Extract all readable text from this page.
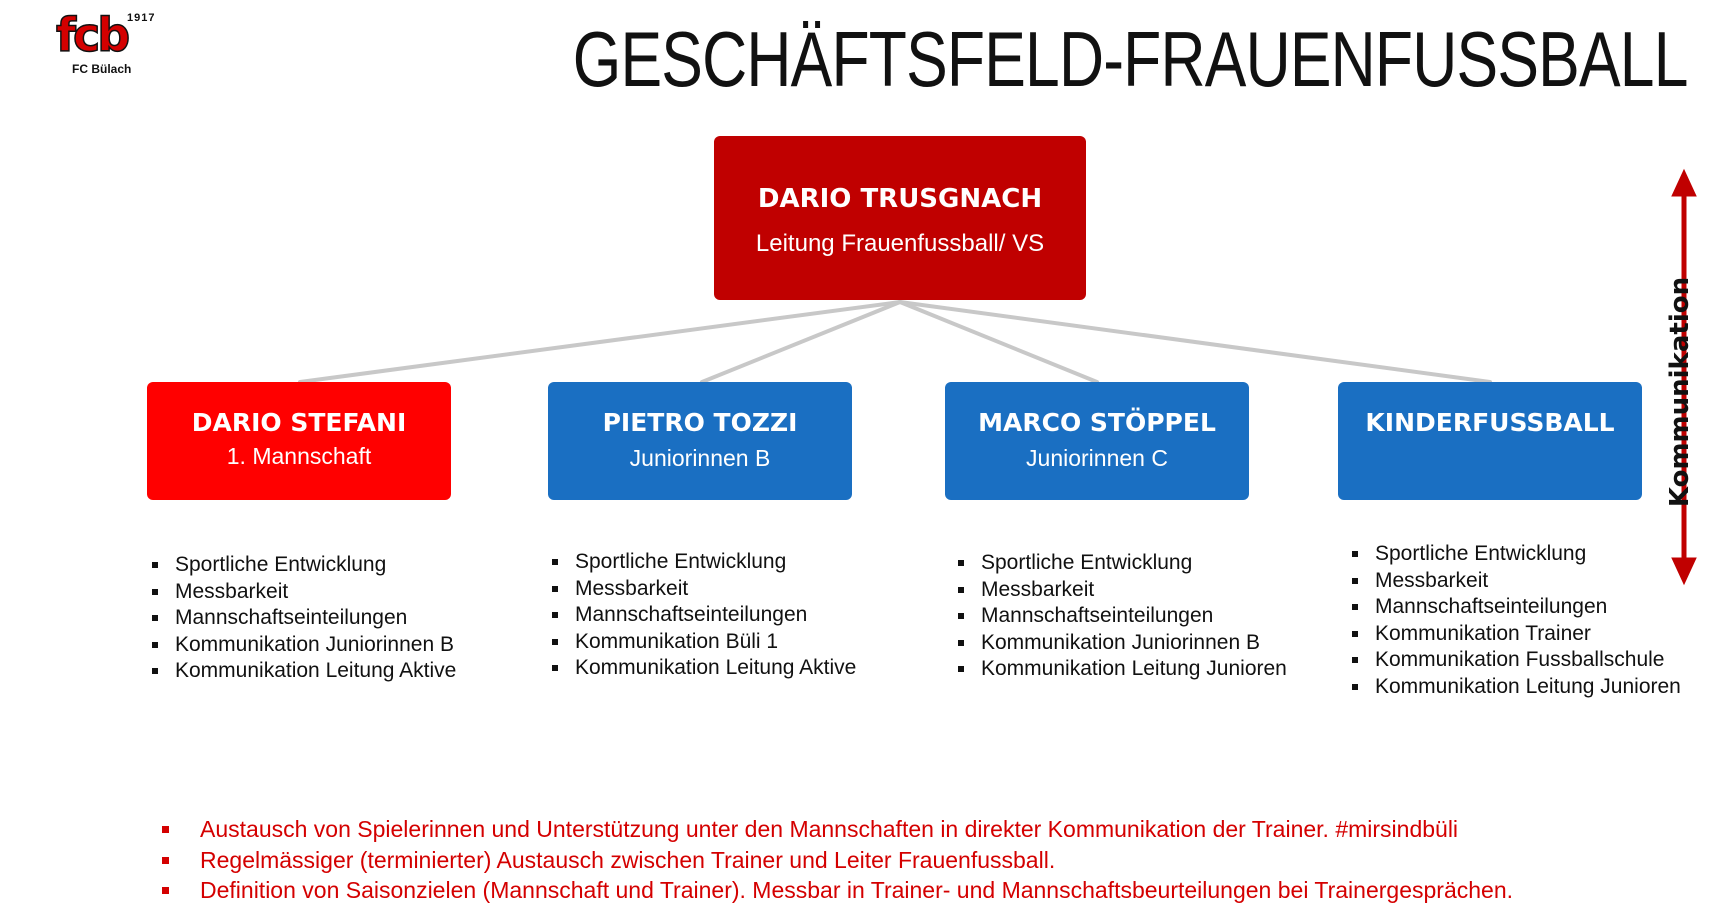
fcb 1917
FC Bülach	GESCHÄFTSFELD-FRAUENFUSSBALL
DARIO TRUSGNACH
Leitung Frauenfussball/ VS
DARIO STEFANI
1. Mannschaft
PIETRO TOZZI
Juniorinnen B
MARCO STÖPPEL
Juniorinnen C
KINDERFUSSBALL
Sportliche Entwicklung
Messbarkeit
Mannschaftseinteilungen
Kommunikation Juniorinnen B
Kommunikation Leitung Aktive
Sportliche Entwicklung
Messbarkeit
Mannschaftseinteilungen
Kommunikation Büli 1
Kommunikation Leitung Aktive
Sportliche Entwicklung
Messbarkeit
Mannschaftseinteilungen
Kommunikation Juniorinnen B
Kommunikation Leitung Junioren
Sportliche Entwicklung
Messbarkeit
Mannschaftseinteilungen
Kommunikation Trainer
Kommunikation Fussballschule
Kommunikation Leitung Junioren
Kommunikation
Austausch von Spielerinnen und Unterstützung unter den Mannschaften in direkter Kommunikation der Trainer. #mirsindbüli
Regelmässiger (terminierter) Austausch zwischen Trainer und Leiter Frauenfussball.
Definition von Saisonzielen (Mannschaft und Trainer). Messbar in Trainer- und Mannschaftsbeurteilungen bei Trainergesprächen.
